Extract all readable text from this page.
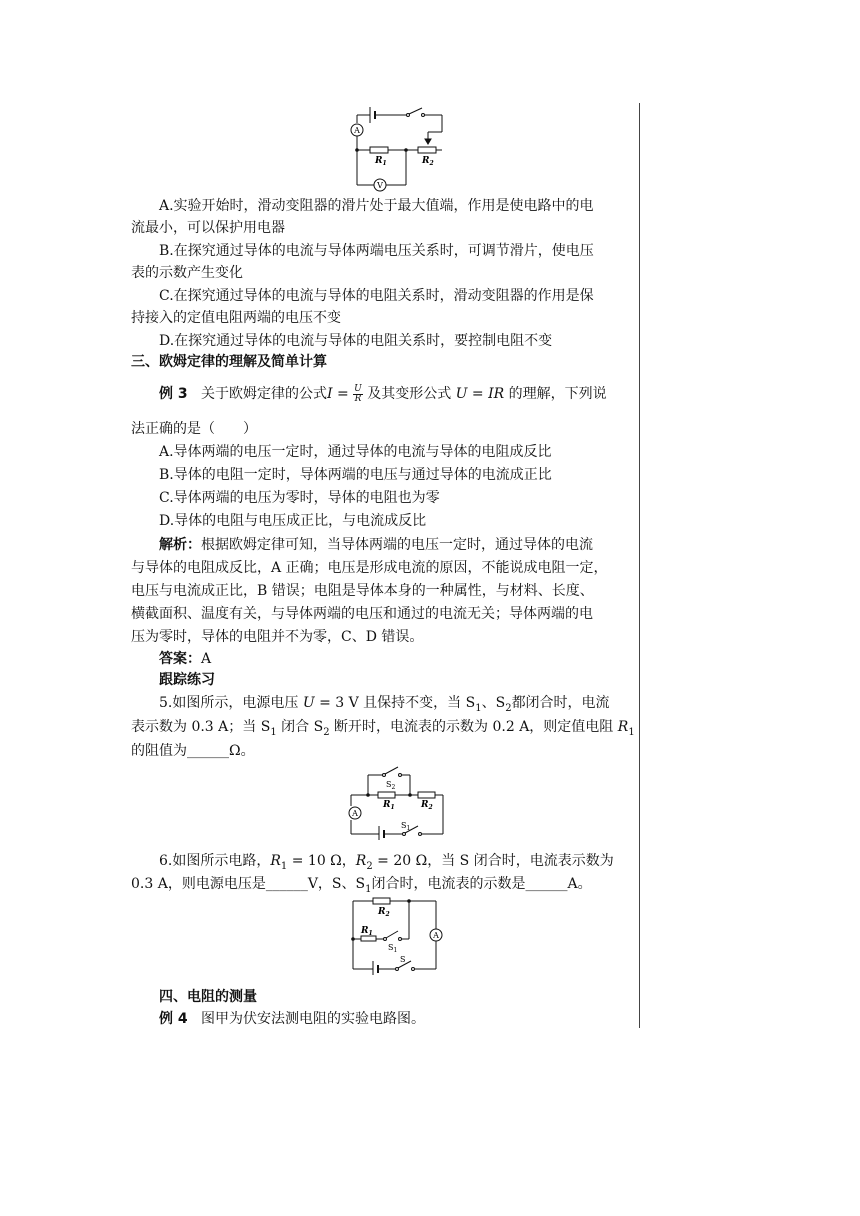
A
V
$R_1$	$R_2$
A.实验开始时，滑动变阻器的滑片处于最大值端，作用是使电路中的电
流最小，可以保护用电器
B.在探究通过导体的电流与导体两端电压关系时，可调节滑片，使电压
表的示数产生变化
C.在探究通过导体的电流与导体的电阻关系时，滑动变阻器的作用是保
持接入的定值电阻两端的电压不变
D.在探究通过导体的电流与导体的电阻关系时，要控制电阻不变
三、欧姆定律的理解及简单计算
例 3 关于欧姆定律的公式$I = \frac{U}{R}$ 及其变形公式 U = IR 的理解，下列说
法正确的是（　　）
A.导体两端的电压一定时，通过导体的电流与导体的电阻成反比
B.导体的电阻一定时，导体两端的电压与通过导体的电流成正比
C.导体两端的电压为零时，导体的电阻也为零
D.导体的电阻与电压成正比，与电流成反比
解析：根据欧姆定律可知，当导体两端的电压一定时，通过导体的电流
与导体的电阻成反比，A 正确；电压是形成电流的原因，不能说成电阻一定，
电压与电流成正比，B 错误；电阻是导体本身的一种属性，与材料、长度、
横截面积、温度有关，与导体两端的电压和通过的电流无关；导体两端的电
压为零时，导体的电阻并不为零，C、D 错误。
答案：A
跟踪练习
5.如图所示，电源电压 U = 3 V 且保持不变，当 $S_1$、$S_2$都闭合时，电流
表示数为 0.3 A；当 $S_1$ 闭合 $S_2$ 断开时，电流表的示数为 0.2 A，则定值电阻 $R_1$
的阻值为______Ω。
$S_2$
$R_1$	$R_2$
A
$S_1$
6.如图所示电路，$R_1 = 10$ Ω，$R_2 = 20$ Ω，当 S 闭合时，电流表示数为
0.3 A，则电源电压是______V，S、$S_1$闭合时，电流表的示数是______A。
$R_2$
$R_1$
$S_1$
A
S
四、电阻的测量
例 4 图甲为伏安法测电阻的实验电路图。
